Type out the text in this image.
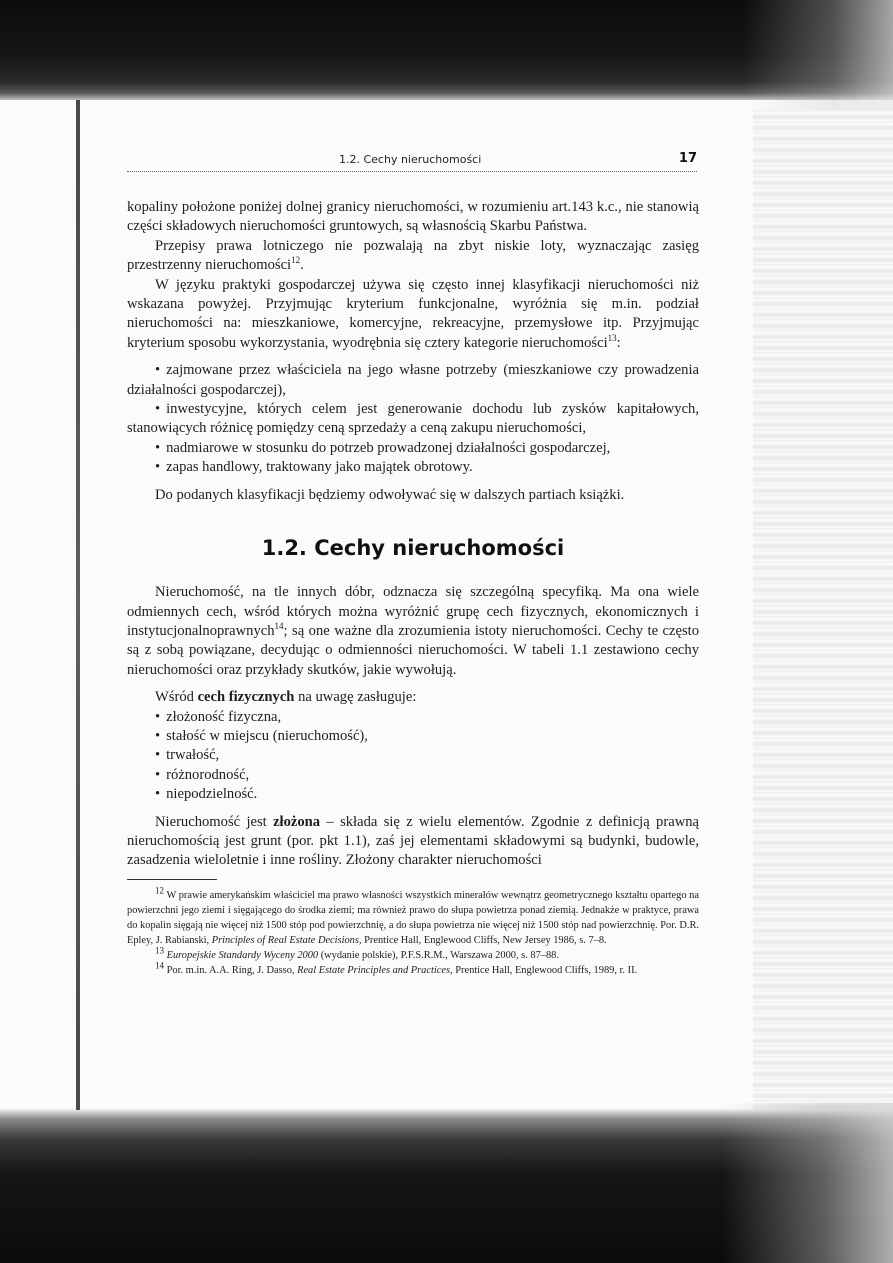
1.2. Cechy nieruchomości	17

kopaliny położone poniżej dolnej granicy nieruchomości, w rozumieniu art.143 k.c., nie stanowią części składowych nieruchomości gruntowych, są własnością Skarbu Państwa.

Przepisy prawa lotniczego nie pozwalają na zbyt niskie loty, wyznaczając zasięg przestrzenny nieruchomości$^{12}$.

W języku praktyki gospodarczej używa się często innej klasyfikacji nieruchomości niż wskazana powyżej. Przyjmując kryterium funkcjonalne, wyróżnia się m.in. podział nieruchomości na: mieszkaniowe, komercyjne, rekreacyjne, przemysłowe itp. Przyjmując kryterium sposobu wykorzystania, wyodrębnia się cztery kategorie nieruchomości$^{13}$:

• zajmowane przez właściciela na jego własne potrzeby (mieszkaniowe czy prowadzenia działalności gospodarczej),
• inwestycyjne, których celem jest generowanie dochodu lub zysków kapitałowych, stanowiących różnicę pomiędzy ceną sprzedaży a ceną zakupu nieruchomości,
• nadmiarowe w stosunku do potrzeb prowadzonej działalności gospodarczej,
• zapas handlowy, traktowany jako majątek obrotowy.

Do podanych klasyfikacji będziemy odwoływać się w dalszych partiach książki.

1.2. Cechy nieruchomości

Nieruchomość, na tle innych dóbr, odznacza się szczególną specyfiką. Ma ona wiele odmiennych cech, wśród których można wyróżnić grupę cech fizycznych, ekonomicznych i instytucjonalnoprawnych$^{14}$; są one ważne dla zrozumienia istoty nieruchomości. Cechy te często są z sobą powiązane, decydując o odmienności nieruchomości. W tabeli 1.1 zestawiono cechy nieruchomości oraz przykłady skutków, jakie wywołują.

Wśród cech fizycznych na uwagę zasługuje:

• złożoność fizyczna,
• stałość w miejscu (nieruchomość),
• trwałość,
• różnorodność,
• niepodzielność.

Nieruchomość jest złożona – składa się z wielu elementów. Zgodnie z definicją prawną nieruchomością jest grunt (por. pkt 1.1), zaś jej elementami składowymi są budynki, budowle, zasadzenia wieloletnie i inne rośliny. Złożony charakter nieruchomości

$^{12}$ W prawie amerykańskim właściciel ma prawo własności wszystkich minerałów wewnątrz geometrycznego kształtu opartego na powierzchni jego ziemi i sięgającego do środka ziemi; ma również prawo do słupa powietrza ponad ziemią. Jednakże w praktyce, prawa do kopalin sięgają nie więcej niż 1500 stóp pod powierzchnię, a do słupa powietrza nie więcej niż 1500 stóp nad powierzchnię. Por. D.R. Epley, J. Rabianski, Principles of Real Estate Decisions, Prentice Hall, Englewood Cliffs, New Jersey 1986, s. 7–8.

$^{13}$ Europejskie Standardy Wyceny 2000 (wydanie polskie), P.F.S.R.M., Warszawa 2000, s. 87–88.

$^{14}$ Por. m.in. A.A. Ring, J. Dasso, Real Estate Principles and Practices, Prentice Hall, Englewood Cliffs, 1989, r. II.
